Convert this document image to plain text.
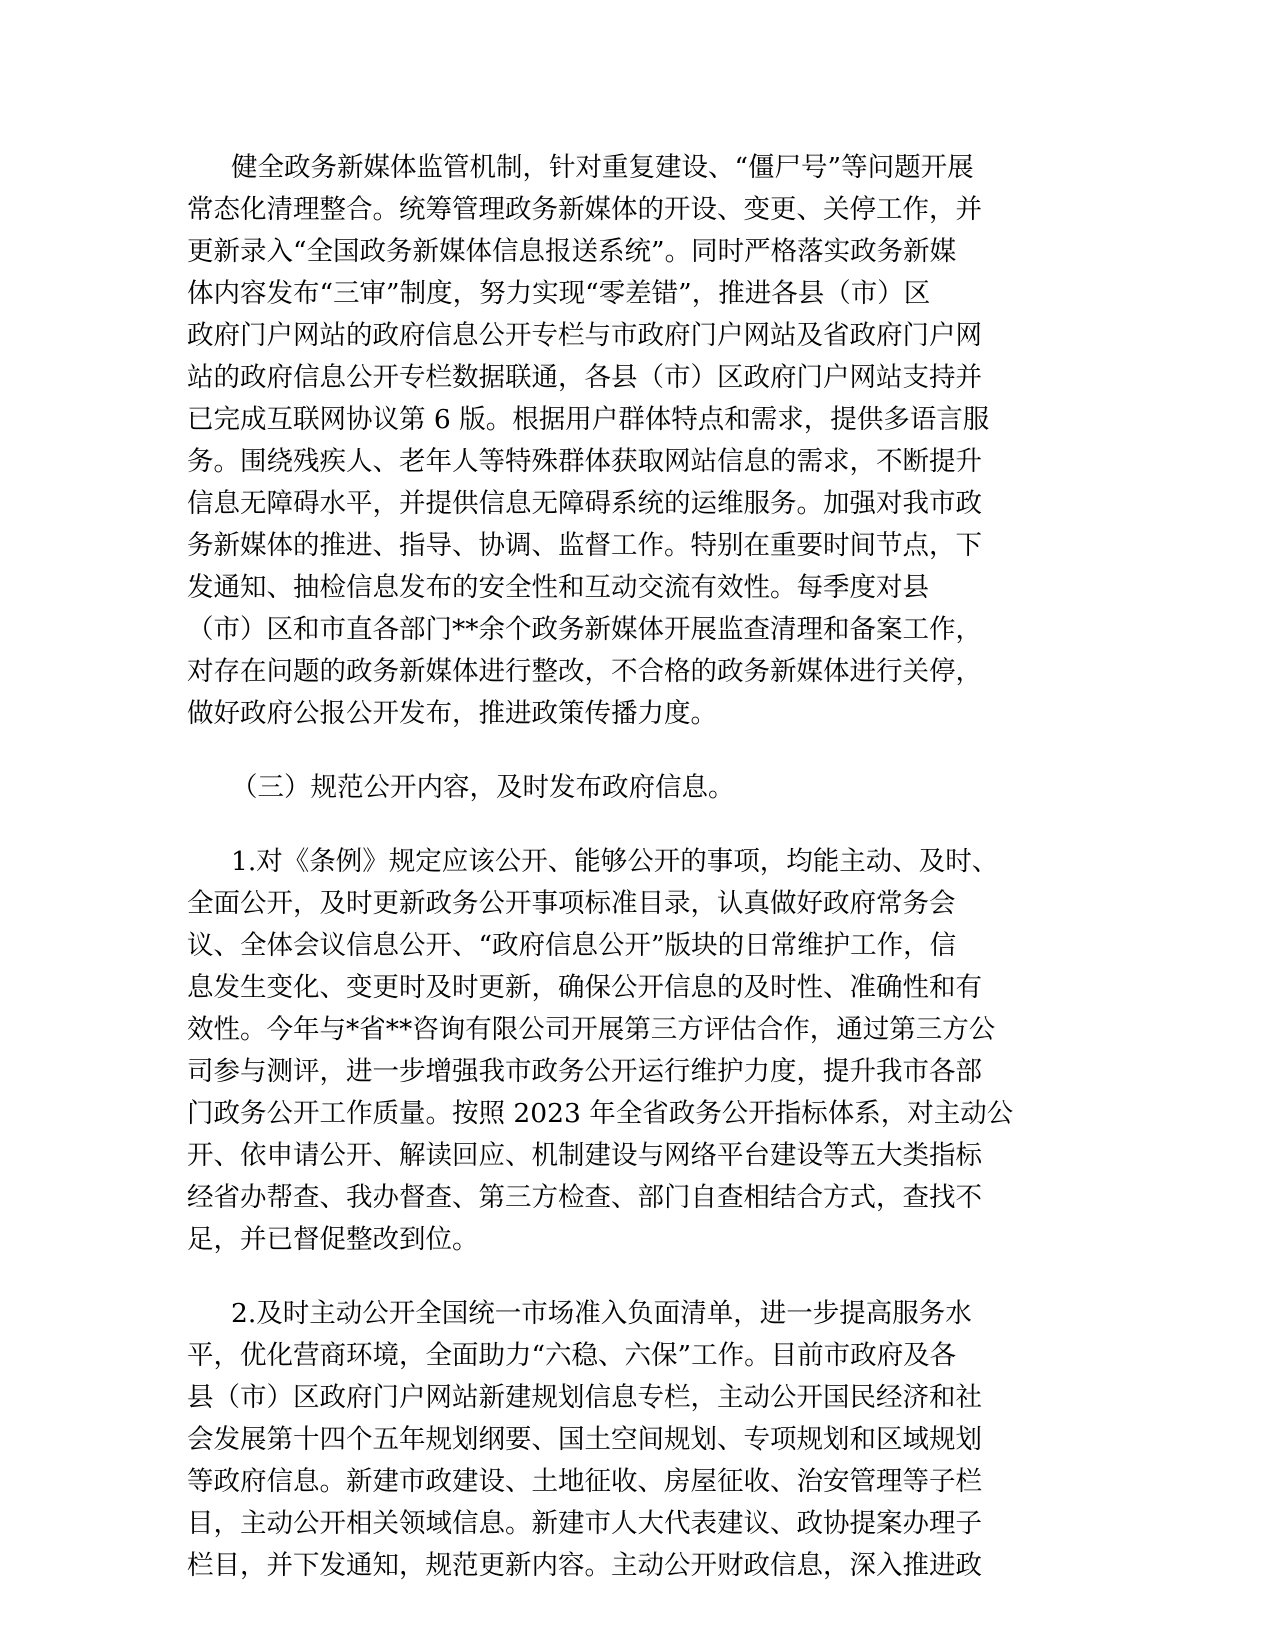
健全政务新媒体监管机制，针对重复建设、“僵尸号”等问题开展
常态化清理整合。统筹管理政务新媒体的开设、变更、关停工作，并
更新录入“全国政务新媒体信息报送系统”。同时严格落实政务新媒
体内容发布“三审”制度，努力实现“零差错”，推进各县（市）区
政府门户网站的政府信息公开专栏与市政府门户网站及省政府门户网
站的政府信息公开专栏数据联通，各县（市）区政府门户网站支持并
已完成互联网协议第 6 版。根据用户群体特点和需求，提供多语言服
务。围绕残疾人、老年人等特殊群体获取网站信息的需求，不断提升
信息无障碍水平，并提供信息无障碍系统的运维服务。加强对我市政
务新媒体的推进、指导、协调、监督工作。特别在重要时间节点，下
发通知、抽检信息发布的安全性和互动交流有效性。每季度对县
（市）区和市直各部门**余个政务新媒体开展监查清理和备案工作，
对存在问题的政务新媒体进行整改，不合格的政务新媒体进行关停，
做好政府公报公开发布，推进政策传播力度。
（三）规范公开内容，及时发布政府信息。
1.对《条例》规定应该公开、能够公开的事项，均能主动、及时、
全面公开，及时更新政务公开事项标准目录，认真做好政府常务会
议、全体会议信息公开、“政府信息公开”版块的日常维护工作，信
息发生变化、变更时及时更新，确保公开信息的及时性、准确性和有
效性。今年与*省**咨询有限公司开展第三方评估合作，通过第三方公
司参与测评，进一步增强我市政务公开运行维护力度，提升我市各部
门政务公开工作质量。按照 2023 年全省政务公开指标体系，对主动公
开、依申请公开、解读回应、机制建设与网络平台建设等五大类指标
经省办帮查、我办督查、第三方检查、部门自查相结合方式，查找不
足，并已督促整改到位。
2.及时主动公开全国统一市场准入负面清单，进一步提高服务水
平，优化营商环境，全面助力“六稳、六保”工作。目前市政府及各
县（市）区政府门户网站新建规划信息专栏，主动公开国民经济和社
会发展第十四个五年规划纲要、国土空间规划、专项规划和区域规划
等政府信息。新建市政建设、土地征收、房屋征收、治安管理等子栏
目，主动公开相关领域信息。新建市人大代表建议、政协提案办理子
栏目，并下发通知，规范更新内容。主动公开财政信息，深入推进政
